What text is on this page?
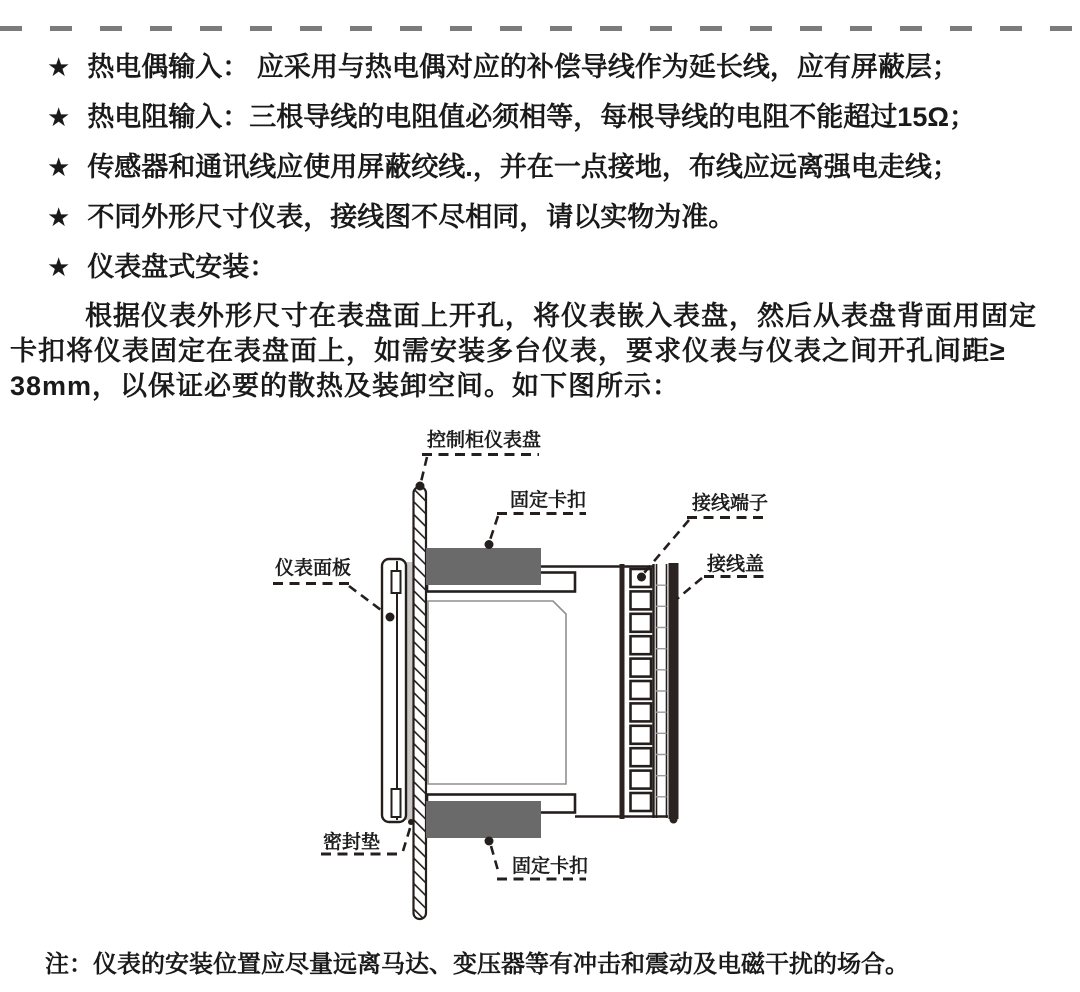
★ 热电偶输入： 应采用与热电偶对应的补偿导线作为延长线，应有屏蔽层；
★ 热电阻输入：三根导线的电阻值必须相等，每根导线的电阻不能超过15Ω；
★ 传感器和通讯线应使用屏蔽绞线.，并在一点接地，布线应远离强电走线；
★ 不同外形尺寸仪表，接线图不尽相同，请以实物为准。
★ 仪表盘式安装：
根据仪表外形尺寸在表盘面上开孔，将仪表嵌入表盘，然后从表盘背面用固定
卡扣将仪表固定在表盘面上，如需安装多台仪表，要求仪表与仪表之间开孔间距≥
38mm，以保证必要的散热及装卸空间。如下图所示：
控制柜仪表盘
固定卡扣	接线端子
接线盖
仪表面板
密封垫
固定卡扣
注：仪表的安装位置应尽量远离马达、变压器等有冲击和震动及电磁干扰的场合。
